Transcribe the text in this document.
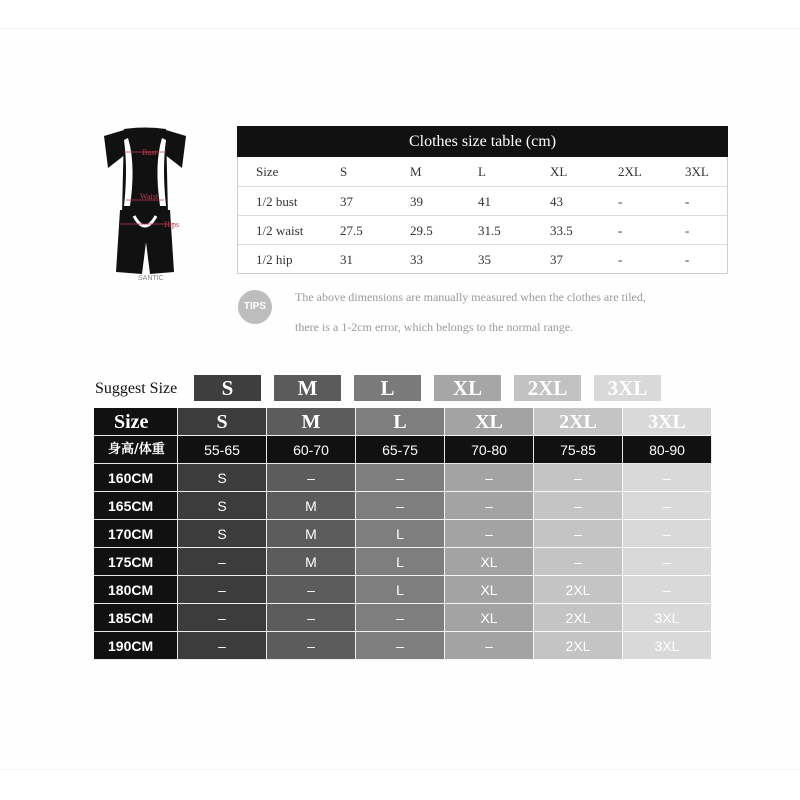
Bust
Waist
Hips
SANTIC
Clothes size table (cm)
Size	S	M	L	XL	2XL	3XL
1/2 bust	37	39	41	43	-	-
1/2 waist	27.5	29.5	31.5	33.5	-	-
1/2 hip	31	33	35	37	-	-
TIPS
The above dimensions are manually measured when the clothes are tiled,
there is a 1-2cm error, which belongs to the normal range.
Suggest Size	S	M	L	XL	2XL	3XL
Size	S	M	L	XL	2XL	3XL
身高/体重	55-65	60-70	65-75	70-80	75-85	80-90
160CM	S	–	–	–	–	–
165CM	S	M	–	–	–	–
170CM	S	M	L	–	–	–
175CM	–	M	L	XL	–	–
180CM	–	–	L	XL	2XL	–
185CM	–	–	–	XL	2XL	3XL
190CM	–	–	–	–	2XL	3XL
